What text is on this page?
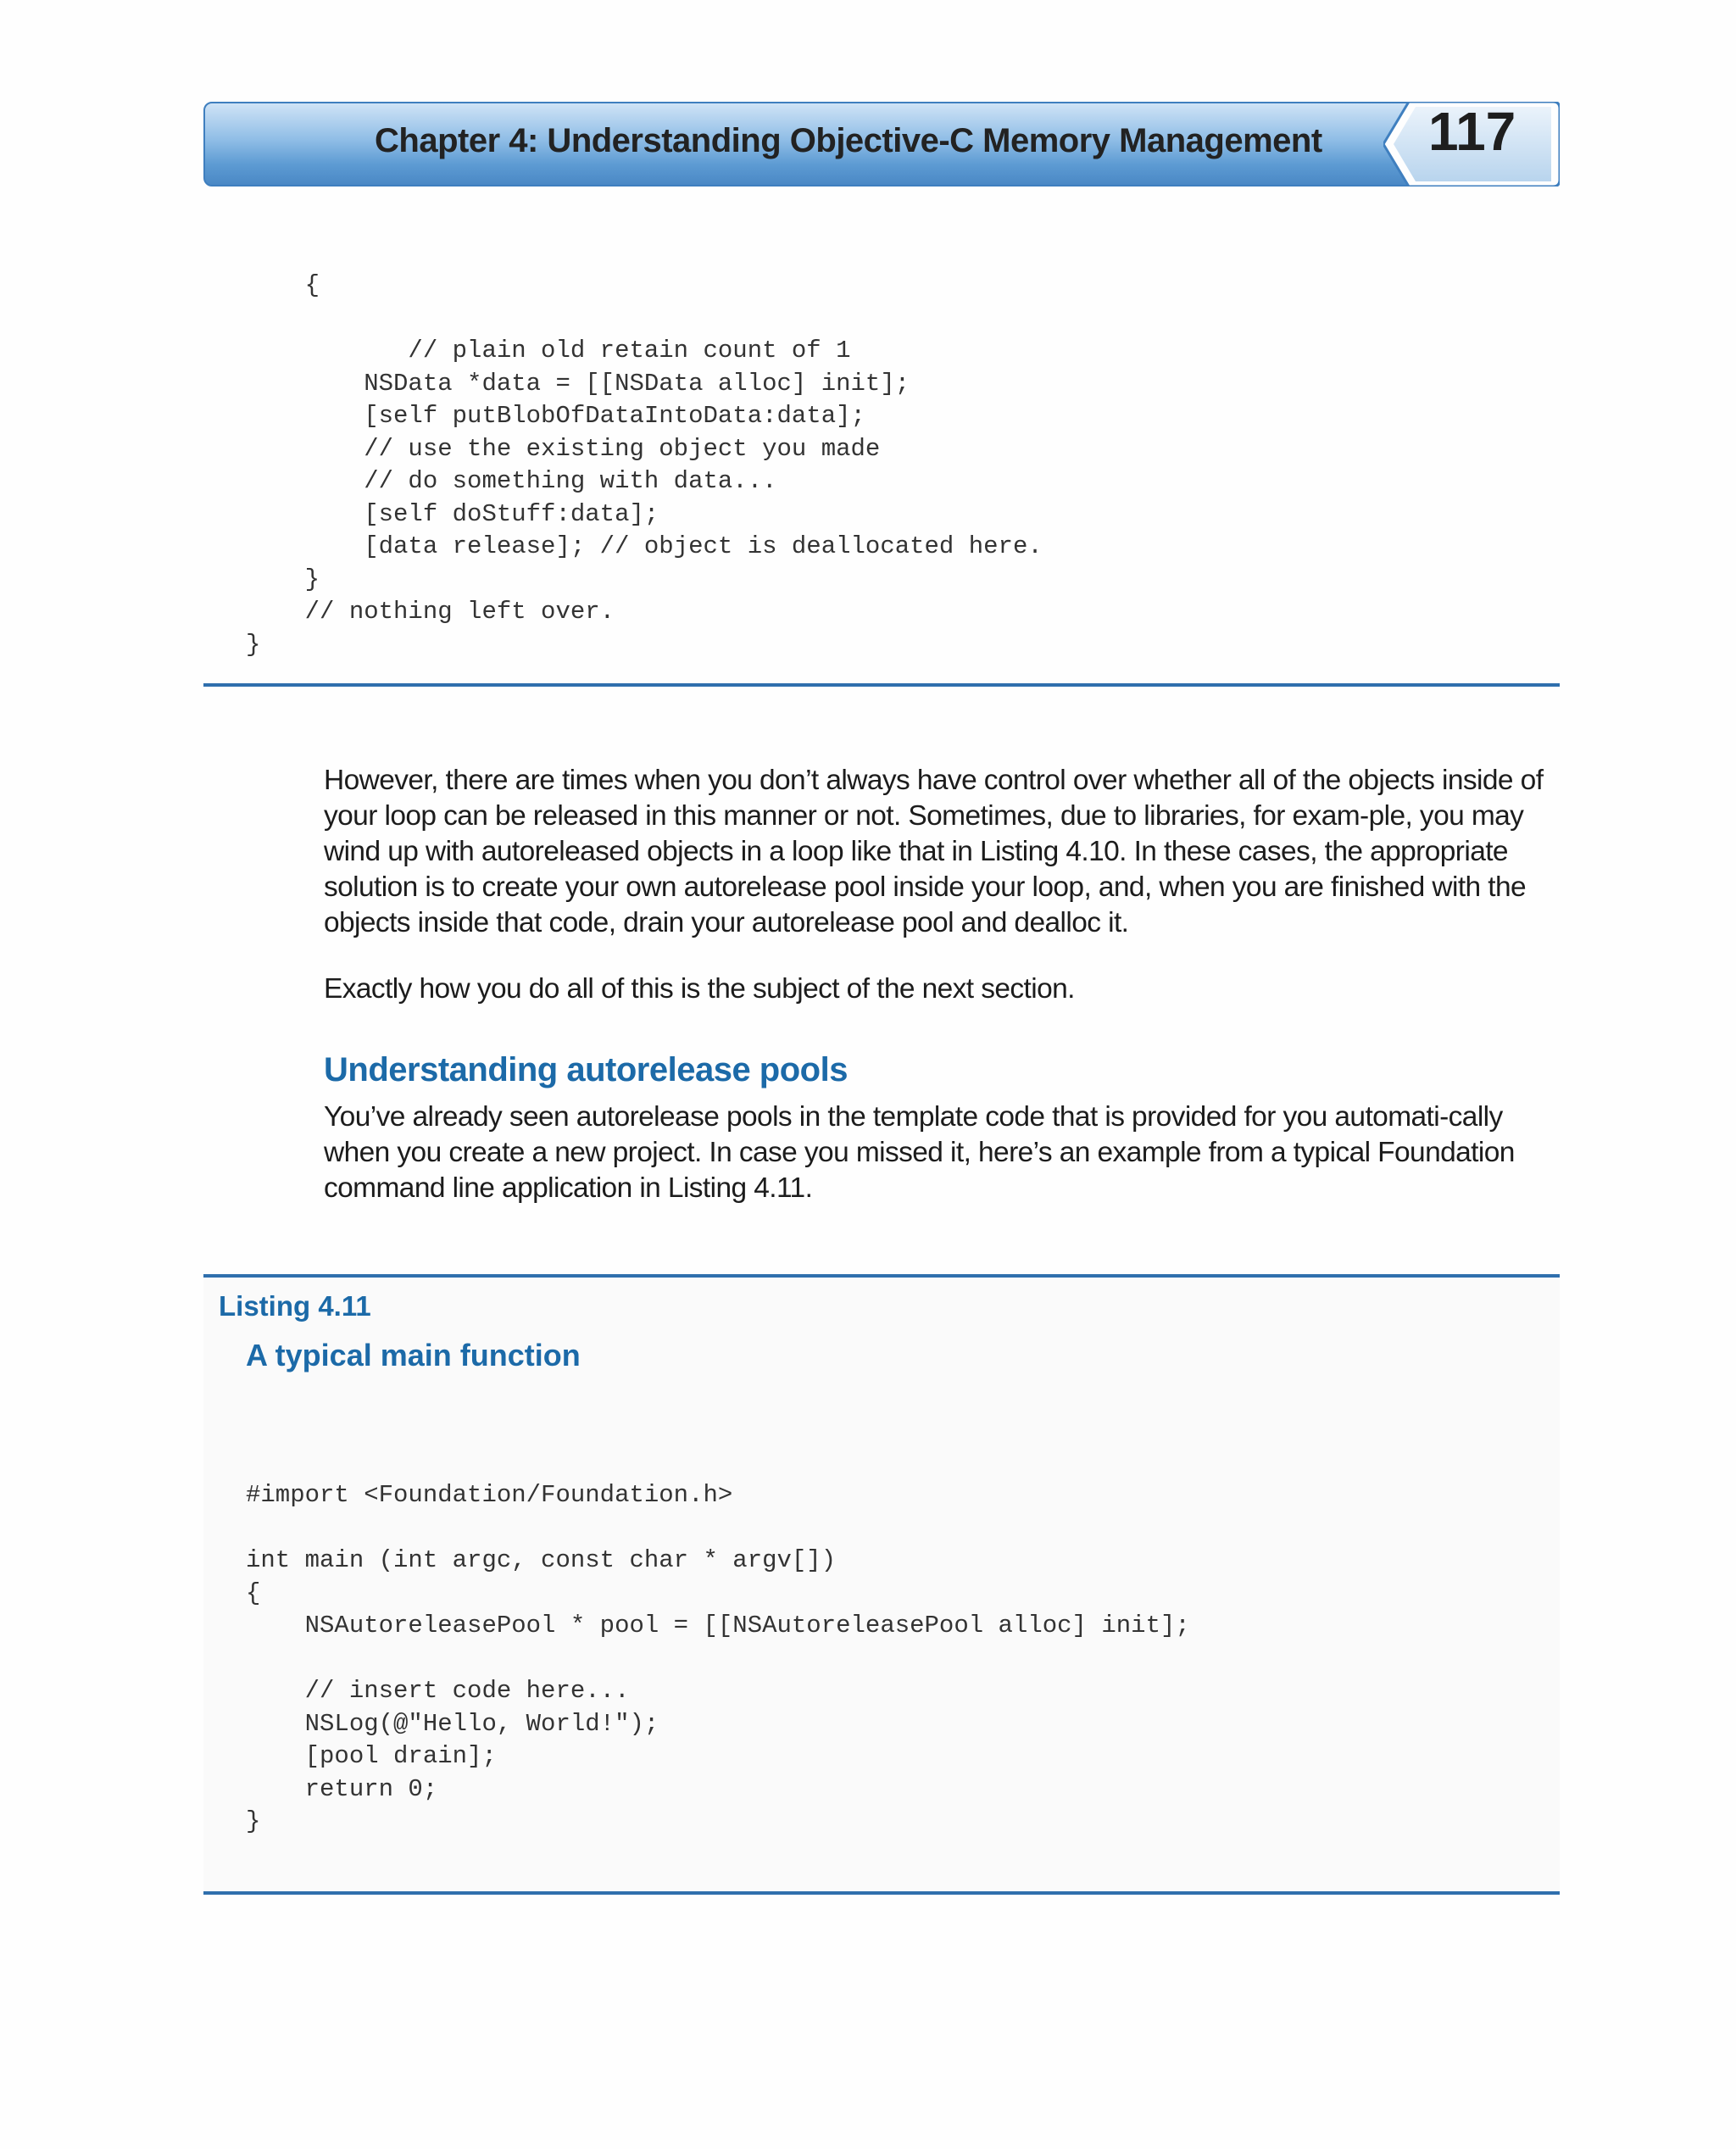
Chapter 4: Understanding Objective-C Memory Management 117
{

// plain old retain count of 1
NSData *data = [[NSData alloc] init];
[self putBlobOfDataIntoData:data];
// use the existing object you made
// do something with data...
[self doStuff:data];
[data release]; // object is deallocated here.
}
// nothing left over.
}
However, there are times when you don’t always have control over whether all of the objects inside of your loop can be released in this manner or not. Sometimes, due to libraries, for exam-ple, you may wind up with autoreleased objects in a loop like that in Listing 4.10. In these cases, the appropriate solution is to create your own autorelease pool inside your loop, and, when you are finished with the objects inside that code, drain your autorelease pool and dealloc it.
Exactly how you do all of this is the subject of the next section.
Understanding autorelease pools
You’ve already seen autorelease pools in the template code that is provided for you automati-cally when you create a new project. In case you missed it, here’s an example from a typical Foundation command line application in Listing 4.11.
Listing 4.11
A typical main function
#import <Foundation/Foundation.h>

int main (int argc, const char * argv[])
{
NSAutoreleasePool * pool = [[NSAutoreleasePool alloc] init];

// insert code here...
NSLog(@"Hello, World!");
[pool drain];
return 0;
}
